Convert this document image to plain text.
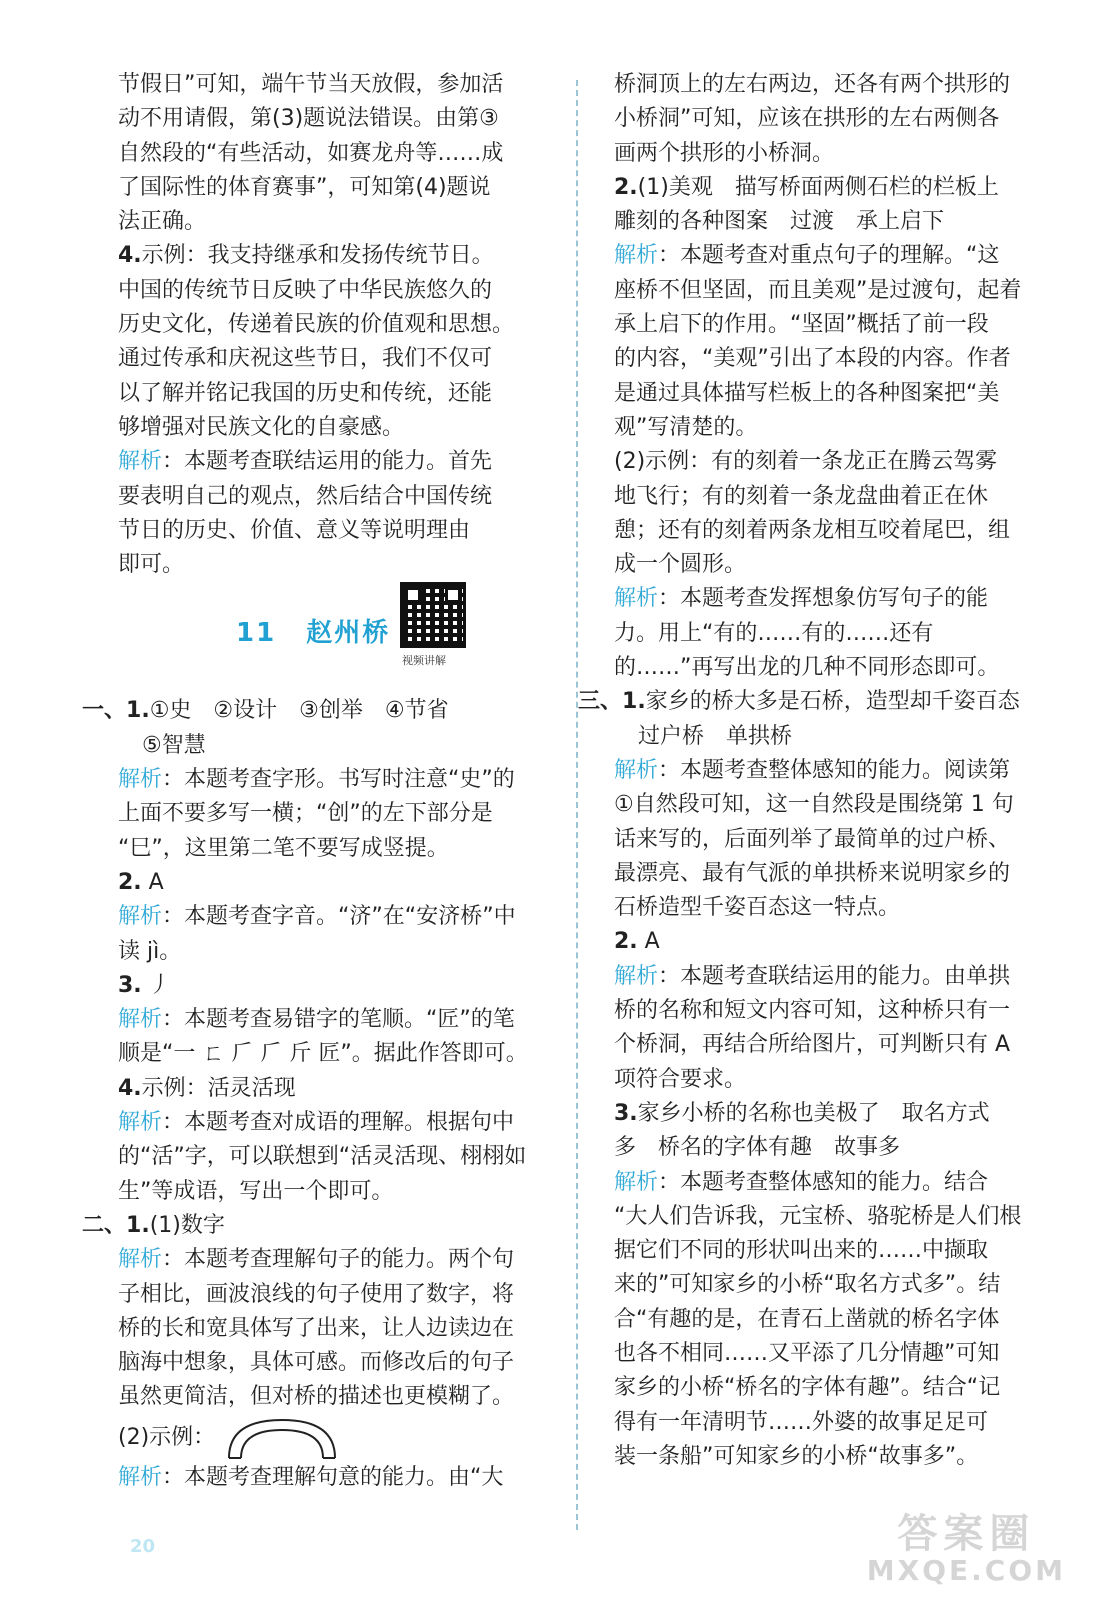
节假日”可知，端午节当天放假，参加活
动不用请假，第(3)题说法错误。由第③
自然段的“有些活动，如赛龙舟等……成
了国际性的体育赛事”，可知第(4)题说
法正确。
4.示例：我支持继承和发扬传统节日。
中国的传统节日反映了中华民族悠久的
历史文化，传递着民族的价值观和思想。
通过传承和庆祝这些节日，我们不仅可
以了解并铭记我国的历史和传统，还能
够增强对民族文化的自豪感。
解析：本题考查联结运用的能力。首先
要表明自己的观点，然后结合中国传统
节日的历史、价值、意义等说明理由
即可。
11 赵州桥
视频讲解
一、1.①史　②设计　③创举　④节省
⑤智慧
解析：本题考查字形。书写时注意“史”的
上面不要多写一横；“创”的左下部分是
“巳”，这里第二笔不要写成竖提。
2. A
解析：本题考查字音。“济”在“安济桥”中
读 jì。
3. 丿
解析：本题考查易错字的笔顺。“匠”的笔
顺是“一 ㄈ 𠂆 𠂆 斤 匠”。据此作答即可。
4.示例：活灵活现
解析：本题考查对成语的理解。根据句中
的“活”字，可以联想到“活灵活现、栩栩如
生”等成语，写出一个即可。
二、1.(1)数字
解析：本题考查理解句子的能力。两个句
子相比，画波浪线的句子使用了数字，将
桥的长和宽具体写了出来，让人边读边在
脑海中想象，具体可感。而修改后的句子
虽然更简洁，但对桥的描述也更模糊了。
(2)示例：
解析：本题考查理解句意的能力。由“大
桥洞顶上的左右两边，还各有两个拱形的
小桥洞”可知，应该在拱形的左右两侧各
画两个拱形的小桥洞。
2.(1)美观　描写桥面两侧石栏的栏板上
雕刻的各种图案　过渡　承上启下
解析：本题考查对重点句子的理解。“这
座桥不但坚固，而且美观”是过渡句，起着
承上启下的作用。“坚固”概括了前一段
的内容，“美观”引出了本段的内容。作者
是通过具体描写栏板上的各种图案把“美
观”写清楚的。
(2)示例：有的刻着一条龙正在腾云驾雾
地飞行；有的刻着一条龙盘曲着正在休
憩；还有的刻着两条龙相互咬着尾巴，组
成一个圆形。
解析：本题考查发挥想象仿写句子的能
力。用上“有的……有的……还有
的……”再写出龙的几种不同形态即可。
三、1.家乡的桥大多是石桥，造型却千姿百态
过户桥　单拱桥
解析：本题考查整体感知的能力。阅读第
①自然段可知，这一自然段是围绕第 1 句
话来写的，后面列举了最简单的过户桥、
最漂亮、最有气派的单拱桥来说明家乡的
石桥造型千姿百态这一特点。
2. A
解析：本题考查联结运用的能力。由单拱
桥的名称和短文内容可知，这种桥只有一
个桥洞，再结合所给图片，可判断只有 A
项符合要求。
3.家乡小桥的名称也美极了　取名方式
多　桥名的字体有趣　故事多
解析：本题考查整体感知的能力。结合
“大人们告诉我，元宝桥、骆驼桥是人们根
据它们不同的形状叫出来的……中撷取
来的”可知家乡的小桥“取名方式多”。结
合“有趣的是，在青石上凿就的桥名字体
也各不相同……又平添了几分情趣”可知
家乡的小桥“桥名的字体有趣”。结合“记
得有一年清明节……外婆的故事足足可
装一条船”可知家乡的小桥“故事多”。
20	答案圈
MXQE.COM
